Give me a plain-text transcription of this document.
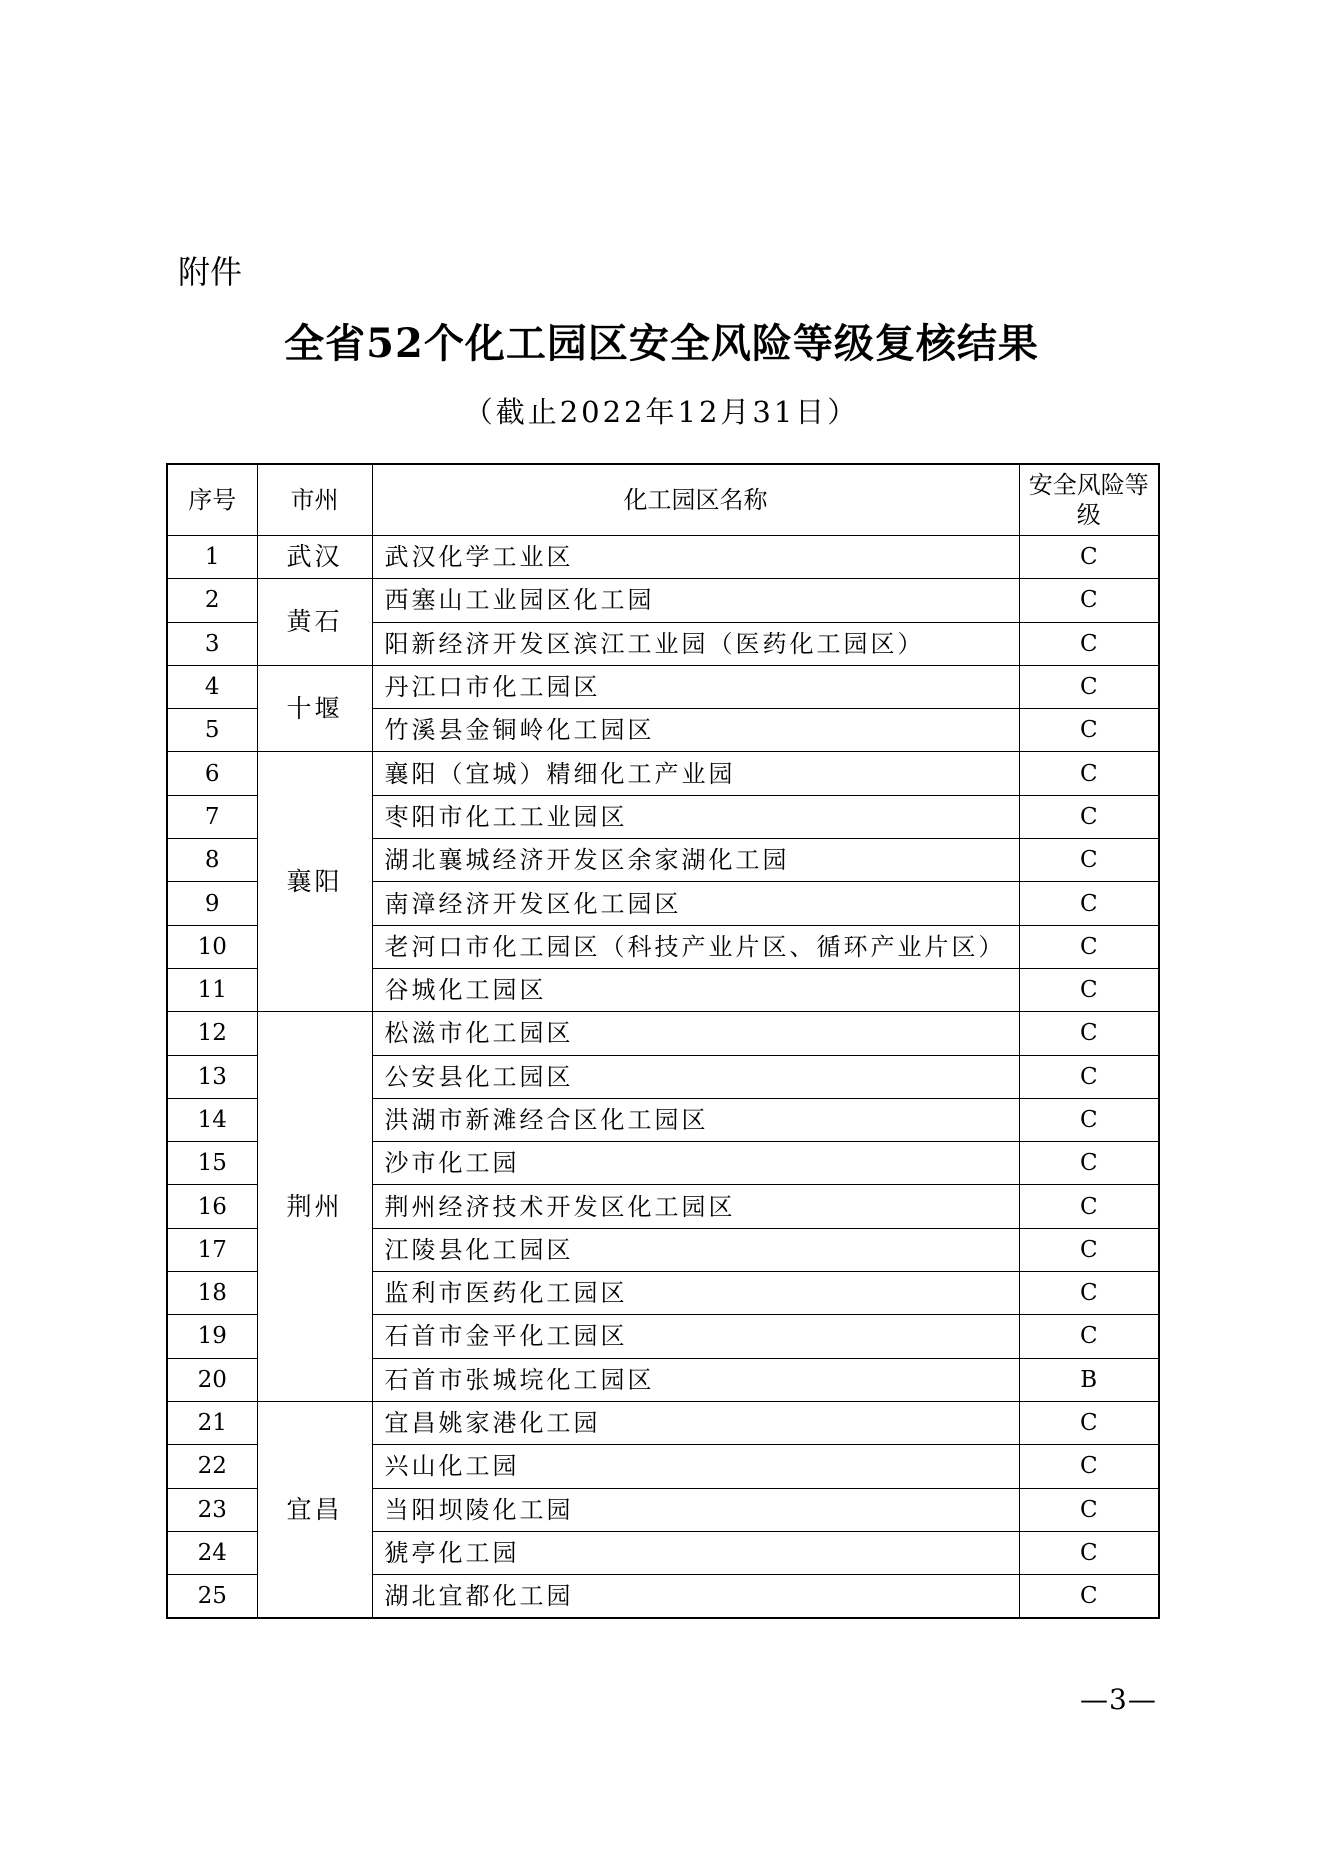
附件
全省52个化工园区安全风险等级复核结果
（截止2022年12月31日）
序号	市州	化工园区名称	安全风险等级
1	武汉	武汉化学工业区	C
2	黄石	西塞山工业园区化工园	C
3		阳新经济开发区滨江工业园（医药化工园区）	C
4	十堰	丹江口市化工园区	C
5		竹溪县金铜岭化工园区	C
6	襄阳	襄阳（宜城）精细化工产业园	C
7		枣阳市化工工业园区	C
8		湖北襄城经济开发区余家湖化工园	C
9		南漳经济开发区化工园区	C
10		老河口市化工园区（科技产业片区、循环产业片区）	C
11		谷城化工园区	C
12	荆州	松滋市化工园区	C
13		公安县化工园区	C
14		洪湖市新滩经合区化工园区	C
15		沙市化工园	C
16		荆州经济技术开发区化工园区	C
17		江陵县化工园区	C
18		监利市医药化工园区	C
19		石首市金平化工园区	C
20		石首市张城垸化工园区	B
21	宜昌	宜昌姚家港化工园	C
22		兴山化工园	C
23		当阳坝陵化工园	C
24		猇亭化工园	C
25		湖北宜都化工园	C
—3—
